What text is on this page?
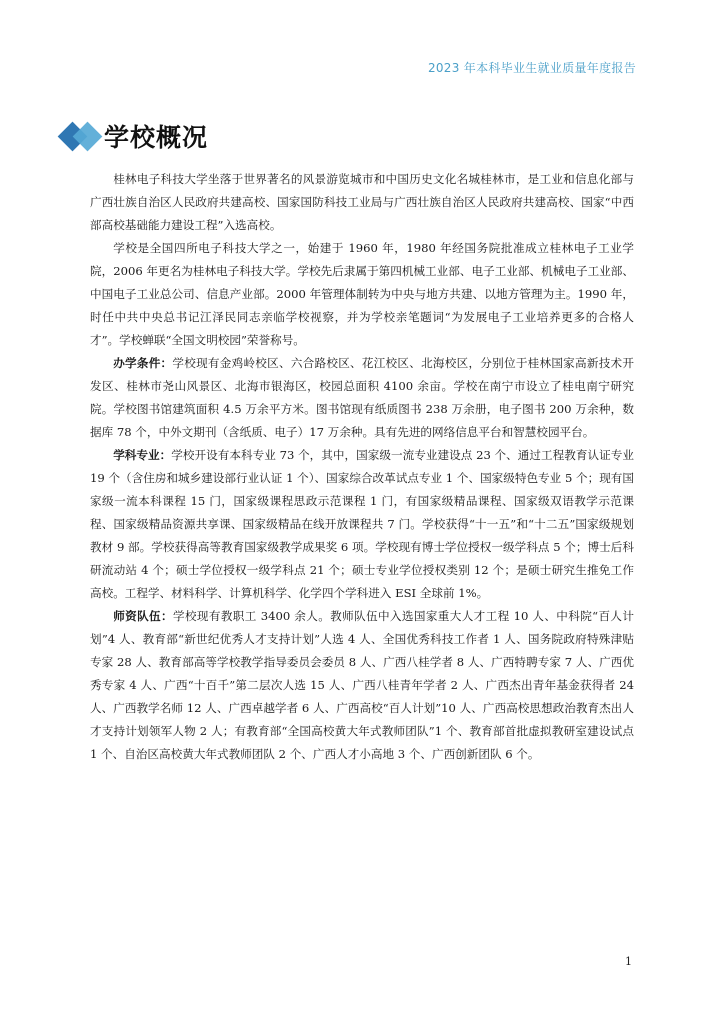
2023 年本科毕业生就业质量年度报告
学校概况

桂林电子科技大学坐落于世界著名的风景游览城市和中国历史文化名城桂林市，是工业和信息化部与广西壮族自治区人民政府共建高校、国家国防科技工业局与广西壮族自治区人民政府共建高校、国家“中西部高校基础能力建设工程”入选高校。

学校是全国四所电子科技大学之一，始建于 1960 年，1980 年经国务院批准成立桂林电子工业学院，2006 年更名为桂林电子科技大学。学校先后隶属于第四机械工业部、电子工业部、机械电子工业部、中国电子工业总公司、信息产业部。2000 年管理体制转为中央与地方共建、以地方管理为主。1990 年，时任中共中央总书记江泽民同志亲临学校视察，并为学校亲笔题词“为发展电子工业培养更多的合格人才”。学校蝉联“全国文明校园”荣誉称号。

办学条件：学校现有金鸡岭校区、六合路校区、花江校区、北海校区，分别位于桂林国家高新技术开发区、桂林市尧山风景区、北海市银海区，校园总面积 4100 余亩。学校在南宁市设立了桂电南宁研究院。学校图书馆建筑面积 4.5 万余平方米。图书馆现有纸质图书 238 万余册，电子图书 200 万余种，数据库 78 个，中外文期刊（含纸质、电子）17 万余种。具有先进的网络信息平台和智慧校园平台。

学科专业：学校开设有本科专业 73 个，其中，国家级一流专业建设点 23 个、通过工程教育认证专业 19 个（含住房和城乡建设部行业认证 1 个）、国家综合改革试点专业 1 个、国家级特色专业 5 个；现有国家级一流本科课程 15 门，国家级课程思政示范课程 1 门，有国家级精品课程、国家级双语教学示范课程、国家级精品资源共享课、国家级精品在线开放课程共 7 门。学校获得“十一五”和“十二五”国家级规划教材 9 部。学校获得高等教育国家级教学成果奖 6 项。学校现有博士学位授权一级学科点 5 个；博士后科研流动站 4 个；硕士学位授权一级学科点 21 个；硕士专业学位授权类别 12 个；是硕士研究生推免工作高校。工程学、材料科学、计算机科学、化学四个学科进入 ESI 全球前 1%。

师资队伍：学校现有教职工 3400 余人。教师队伍中入选国家重大人才工程 10 人、中科院“百人计划”4 人、教育部“新世纪优秀人才支持计划”人选 4 人、全国优秀科技工作者 1 人、国务院政府特殊津贴专家 28 人、教育部高等学校教学指导委员会委员 8 人、广西八桂学者 8 人、广西特聘专家 7 人、广西优秀专家 4 人、广西“十百千”第二层次人选 15 人、广西八桂青年学者 2 人、广西杰出青年基金获得者 24 人、广西教学名师 12 人、广西卓越学者 6 人、广西高校“百人计划”10 人、广西高校思想政治教育杰出人才支持计划领军人物 2 人；有教育部“全国高校黄大年式教师团队”1 个、教育部首批虚拟教研室建设试点 1 个、自治区高校黄大年式教师团队 2 个、广西人才小高地 3 个、广西创新团队 6 个。

1
